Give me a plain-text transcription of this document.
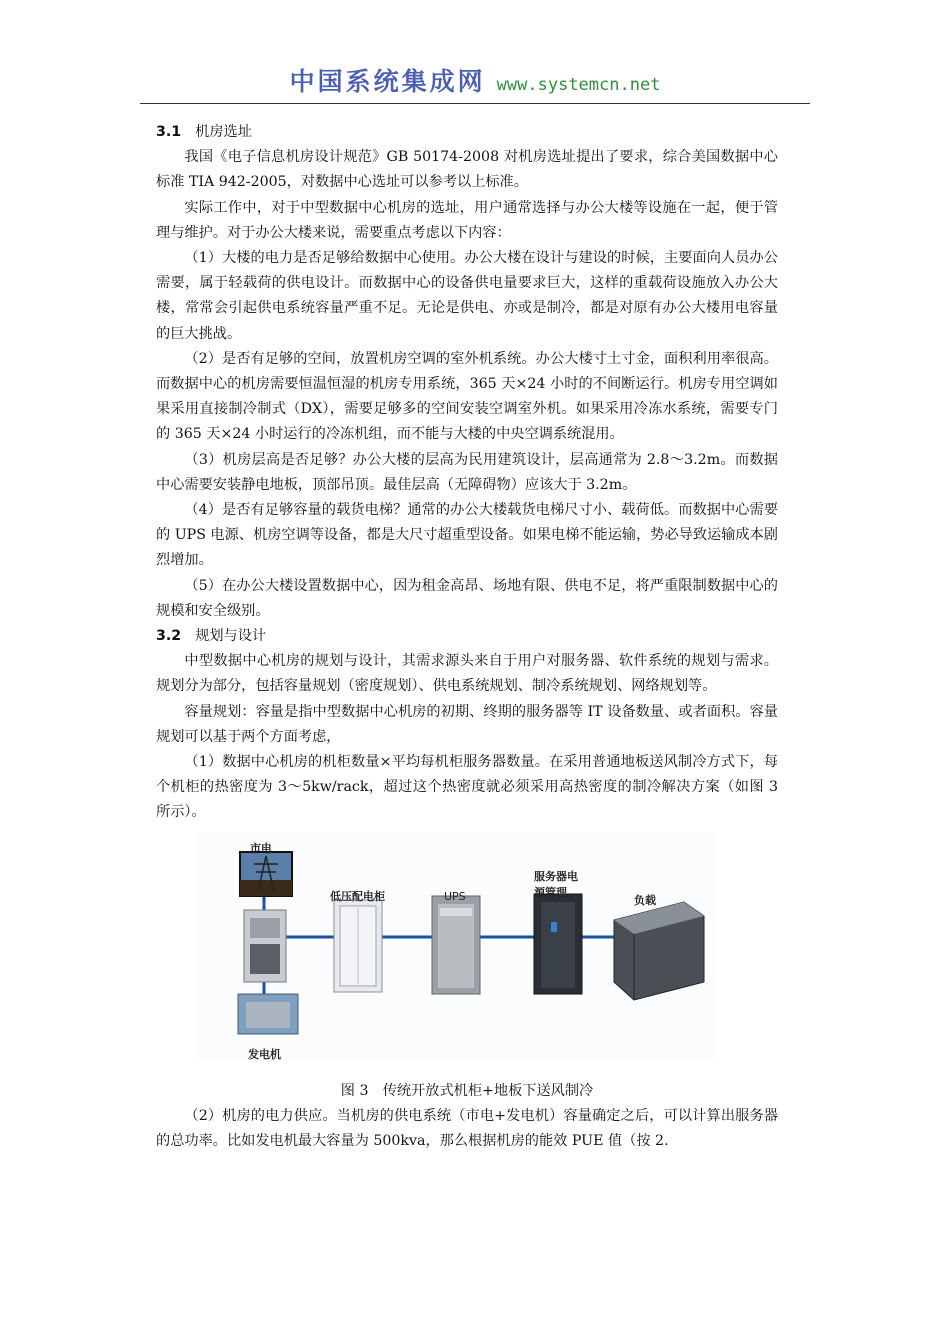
中国系统集成网 www.systemcn.net

3.1 机房选址

我国《电子信息机房设计规范》GB 50174-2008 对机房选址提出了要求，综合美国数据中心标准 TIA 942-2005，对数据中心选址可以参考以上标准。

实际工作中，对于中型数据中心机房的选址，用户通常选择与办公大楼等设施在一起，便于管理与维护。对于办公大楼来说，需要重点考虑以下内容：

（1）大楼的电力是否足够给数据中心使用。办公大楼在设计与建设的时候，主要面向人员办公需要，属于轻载荷的供电设计。而数据中心的设备供电量要求巨大，这样的重载荷设施放入办公大楼，常常会引起供电系统容量严重不足。无论是供电、亦或是制冷，都是对原有办公大楼用电容量的巨大挑战。

（2）是否有足够的空间，放置机房空调的室外机系统。办公大楼寸土寸金，面积利用率很高。而数据中心的机房需要恒温恒湿的机房专用系统，365 天×24 小时的不间断运行。机房专用空调如果采用直接制冷制式（DX），需要足够多的空间安装空调室外机。如果采用冷冻水系统，需要专门的 365 天×24 小时运行的冷冻机组，而不能与大楼的中央空调系统混用。

（3）机房层高是否足够？办公大楼的层高为民用建筑设计，层高通常为 2.8～3.2m。而数据中心需要安装静电地板，顶部吊顶。最佳层高（无障碍物）应该大于 3.2m。

（4）是否有足够容量的载货电梯？通常的办公大楼载货电梯尺寸小、载荷低。而数据中心需要的 UPS 电源、机房空调等设备，都是大尺寸超重型设备。如果电梯不能运输，势必导致运输成本剧烈增加。

（5）在办公大楼设置数据中心，因为租金高昂、场地有限、供电不足，将严重限制数据中心的规模和安全级别。

3.2 规划与设计

中型数据中心机房的规划与设计，其需求源头来自于用户对服务器、软件系统的规划与需求。规划分为部分，包括容量规划（密度规划）、供电系统规划、制冷系统规划、网络规划等。

容量规划：容量是指中型数据中心机房的初期、终期的服务器等 IT 设备数量、或者面积。容量规划可以基于两个方面考虑，

（1）数据中心机房的机柜数量×平均每机柜服务器数量。在采用普通地板送风制冷方式下，每个机柜的热密度为 3～5kw/rack，超过这个热密度就必须采用高热密度的制冷解决方案（如图 3 所示）。

市电
低压配电柜	UPS
服务器电
源管理
负载
发电机

图 3　传统开放式机柜+地板下送风制冷

（2）机房的电力供应。当机房的供电系统（市电+发电机）容量确定之后，可以计算出服务器的总功率。比如发电机最大容量为 500kva，那么根据机房的能效 PUE 值（按 2.
